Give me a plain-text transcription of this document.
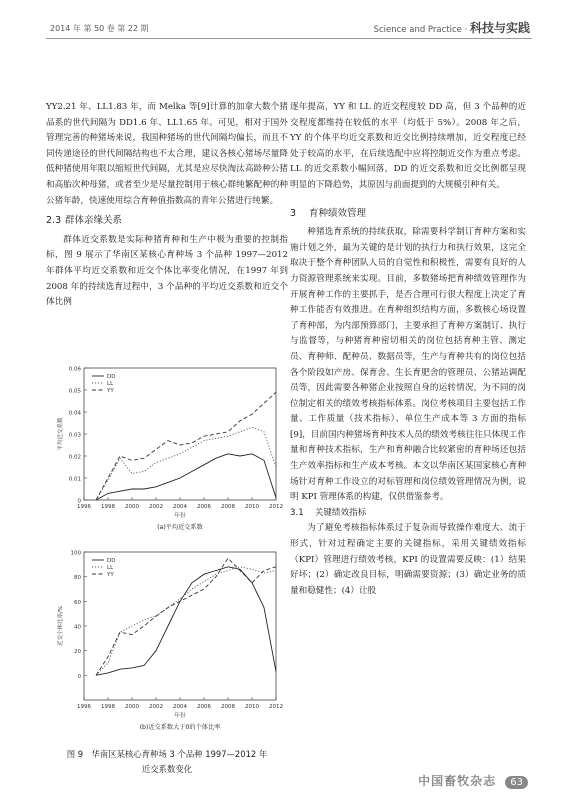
2014 年 第 50 卷 第 22 期	Science and Practice · 科技与实践

YY2.21 年、LL1.83 年，而 Melka 等[9]计算的加拿大数个猪品系的世代间隔为 DD1.6 年、LL1.65 年。可见，相对于国外管理完善的种猪场来说，我国种猪场的世代间隔均偏长，而且不同传递途径的世代间隔结构也不太合理，建议各核心猪场尽量降低种猪使用年限以缩短世代间隔，尤其是应尽快淘汰高龄种公猪和高胎次种母猪，或者至少是尽量控制用于核心群纯繁配种的种公猪年龄，快速使用综合育种值指数高的青年公猪进行纯繁。

2.3 群体亲缘关系

群体近交系数是实际种猪育种和生产中极为重要的控制指标，图 9 展示了华南区某核心育种场 3 个品种 1997—2012 年群体平均近交系数和近交个体比率变化情况，在1997 年到 2008 年的持续选育过程中，3 个品种的平均近交系数和近交个体比例

0
0.01
0.02
0.03
0.04
0.05
0.06
1996 1998 2000 2002 2004 2006 2008 2010 2012
DD
LL
YY
平均近交系数
年份
(a)平均近交系数

0
20
40
60
80
100
1996 1998 2000 2002 2004 2006 2008 2010 2012
DD
LL
YY
近交个体比率/%
年份
(b)近交系数大于0的个体比率
图 9　华南区某核心育种场 3 个品种 1997—2012 年
近交系数变化

逐年提高，YY 和 LL 的近交程度较 DD 高，但 3 个品种的近交程度都维持在较低的水平（均低于 5%）。2008 年之后，YY 的个体平均近交系数和近交比例持续增加，近交程度已经处于较高的水平，在后续选配中应将控制近交作为重点考虑。LL 的近交系数小幅回落，DD 的近交系数和近交比例都呈现明显的下降趋势，其原因与前面提到的大规模引种有关。

3 育种绩效管理

种猪选育系统的持续获取，除需要科学制订育种方案和实施计划之外，最为关键的是计划的执行力和执行效果，这完全取决于整个育种团队人员的自觉性和积极性，需要有良好的人力资源管理系统来实现。目前，多数猪场把育种绩效管理作为开展育种工作的主要抓手，是否合理可行很大程度上决定了育种工作能否有效推进。在育种组织结构方面，多数核心场设置了育种部，为内部预算部门，主要承担了育种方案制订、执行与监督等，与种猪育种密切相关的岗位包括育种主管、测定员、育种师、配种员、数据员等，生产与育种共有的岗位包括各个阶段如产房、保育舍、生长育肥舍的管理员、公猪站调配员等，因此需要各种猪企业按照自身的运转情况，为不同的岗位制定相关的绩效考核指标体系。岗位考核项目主要包括工作量、工作质量（技术指标）、单位生产成本等 3 方面的指标[9]，目前国内种猪场育种技术人员的绩效考核往往只体现工作量和育种技术指标，生产和育种融合比较紧密的育种场还包括生产效率指标和生产成本考核。本文以华南区某国家核心育种场针对育种工作设立的对标管理和岗位绩效管理情况为例，说明 KPI 管理体系的构建，仅供借鉴参考。

3.1 关键绩效指标

为了避免考核指标体系过于复杂而导致操作难度大、流于形式，针对过程确定主要的关键指标，采用关键绩效指标（KPI）管理进行绩效考核，KPI 的设置需要反映：(1）结果好坏；(2）确定改良目标，明确需要资源；(3）确定业务的质量和稳健性；(4）让股

中国畜牧杂志 63
